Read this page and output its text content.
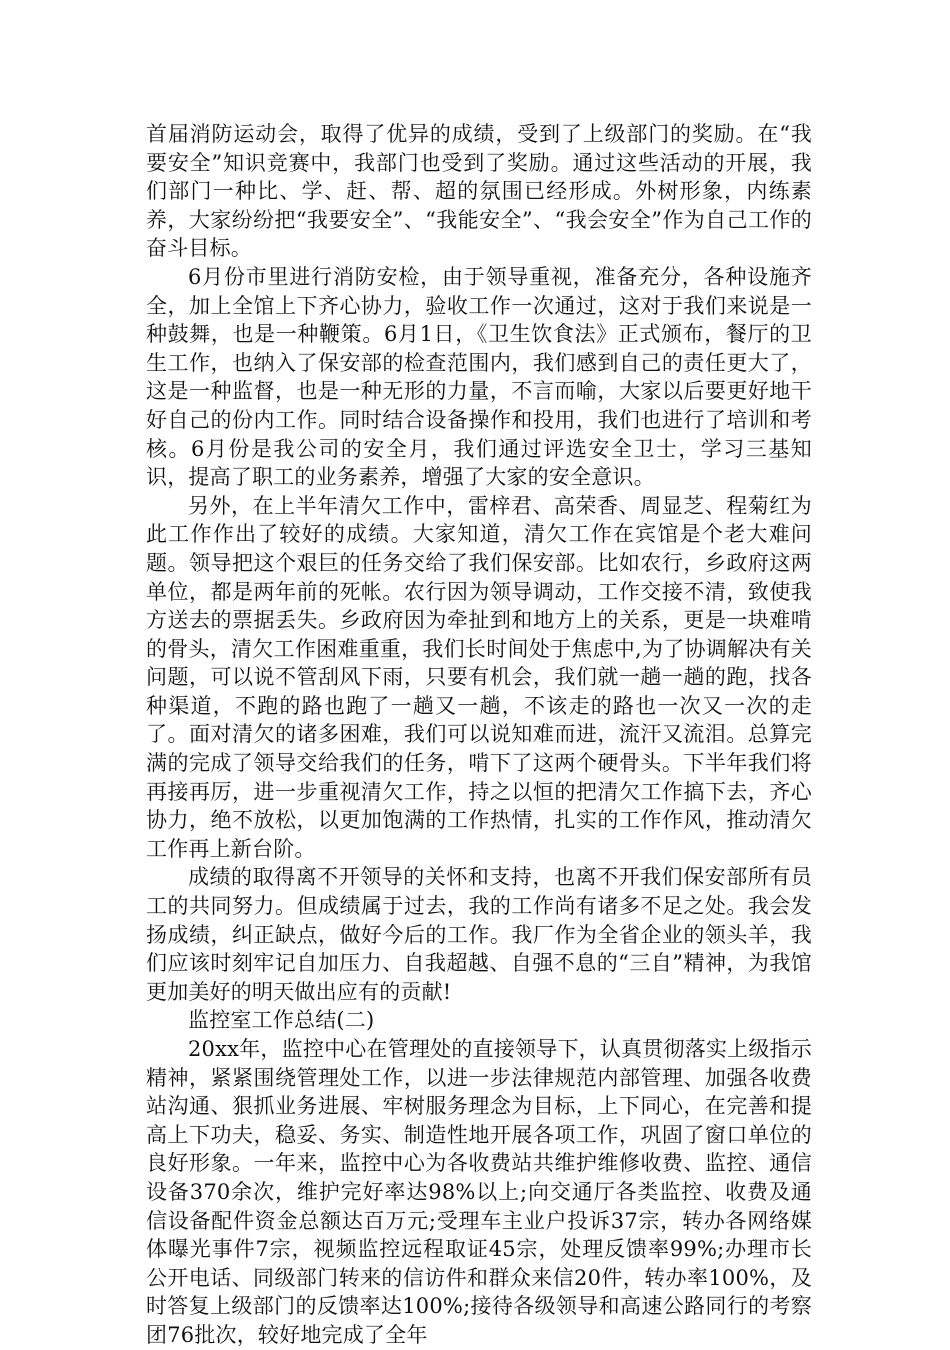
首届消防运动会，取得了优异的成绩，受到了上级部门的奖励。在“我要安全”知识竞赛中，我部门也受到了奖励。通过这些活动的开展，我们部门一种比、学、赶、帮、超的氛围已经形成。外树形象，内练素养，大家纷纷把“我要安全”、“我能安全”、“我会安全”作为自己工作的奋斗目标。

6月份市里进行消防安检，由于领导重视，准备充分，各种设施齐全，加上全馆上下齐心协力，验收工作一次通过，这对于我们来说是一种鼓舞，也是一种鞭策。6月1日，《卫生饮食法》正式颁布，餐厅的卫生工作，也纳入了保安部的检查范围内，我们感到自己的责任更大了，这是一种监督，也是一种无形的力量，不言而喻，大家以后要更好地干好自己的份内工作。同时结合设备操作和投用，我们也进行了培训和考核。6月份是我公司的安全月，我们通过评选安全卫士，学习三基知识，提高了职工的业务素养，增强了大家的安全意识。

另外，在上半年清欠工作中，雷梓君、高荣香、周显芝、程菊红为此工作作出了较好的成绩。大家知道，清欠工作在宾馆是个老大难问题。领导把这个艰巨的任务交给了我们保安部。比如农行，乡政府这两单位，都是两年前的死帐。农行因为领导调动，工作交接不清，致使我方送去的票据丢失。乡政府因为牵扯到和地方上的关系，更是一块难啃的骨头，清欠工作困难重重，我们长时间处于焦虑中,为了协调解决有关问题，可以说不管刮风下雨，只要有机会，我们就一趟一趟的跑，找各种渠道，不跑的路也跑了一趟又一趟，不该走的路也一次又一次的走了。面对清欠的诸多困难，我们可以说知难而进，流汗又流泪。总算完满的完成了领导交给我们的任务，啃下了这两个硬骨头。下半年我们将再接再厉，进一步重视清欠工作，持之以恒的把清欠工作搞下去，齐心协力，绝不放松，以更加饱满的工作热情，扎实的工作作风，推动清欠工作再上新台阶。

成绩的取得离不开领导的关怀和支持，也离不开我们保安部所有员工的共同努力。但成绩属于过去，我的工作尚有诸多不足之处。我会发扬成绩，纠正缺点，做好今后的工作。我厂作为全省企业的领头羊，我们应该时刻牢记自加压力、自我超越、自强不息的“三自”精神，为我馆更加美好的明天做出应有的贡献!

监控室工作总结(二)

20xx年，监控中心在管理处的直接领导下，认真贯彻落实上级指示精神，紧紧围绕管理处工作，以进一步法律规范内部管理、加强各收费站沟通、狠抓业务进展、牢树服务理念为目标，上下同心，在完善和提高上下功夫，稳妥、务实、制造性地开展各项工作，巩固了窗口单位的良好形象。一年来，监控中心为各收费站共维护维修收费、监控、通信设备370余次，维护完好率达98%以上;向交通厅各类监控、收费及通信设备配件资金总额达百万元;受理车主业户投诉37宗，转办各网络媒体曝光事件7宗，视频监控远程取证45宗，处理反馈率99%;办理市长公开电话、同级部门转来的信访件和群众来信20件，转办率100%，及时答复上级部门的反馈率达100%;接待各级领导和高速公路同行的考察团76批次，较好地完成了全年
